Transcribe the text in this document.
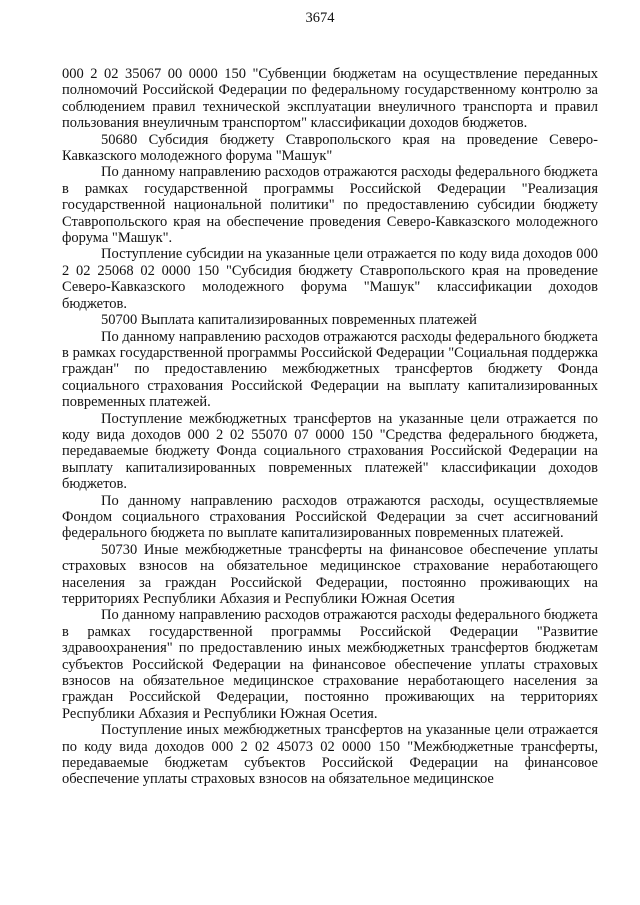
3674

000 2 02 35067 00 0000 150 "Субвенции бюджетам на осуществление переданных полномочий Российской Федерации по федеральному государственному контролю за соблюдением правил технической эксплуатации внеуличного транспорта и правил пользования внеуличным транспортом" классификации доходов бюджетов.

50680 Субсидия бюджету Ставропольского края на проведение Северо-Кавказского молодежного форума "Машук"

По данному направлению расходов отражаются расходы федерального бюджета в рамках государственной программы Российской Федерации "Реализация государственной национальной политики" по предоставлению субсидии бюджету Ставропольского края на обеспечение проведения Северо-Кавказского молодежного форума "Машук".

Поступление субсидии на указанные цели отражается по коду вида доходов 000 2 02 25068 02 0000 150 "Субсидия бюджету Ставропольского края на проведение Северо-Кавказского молодежного форума "Машук" классификации доходов бюджетов.

50700 Выплата капитализированных повременных платежей

По данному направлению расходов отражаются расходы федерального бюджета в рамках государственной программы Российской Федерации "Социальная поддержка граждан" по предоставлению межбюджетных трансфертов бюджету Фонда социального страхования Российской Федерации на выплату капитализированных повременных платежей.

Поступление межбюджетных трансфертов на указанные цели отражается по коду вида доходов 000 2 02 55070 07 0000 150 "Средства федерального бюджета, передаваемые бюджету Фонда социального страхования Российской Федерации на выплату капитализированных повременных платежей" классификации доходов бюджетов.

По данному направлению расходов отражаются расходы, осуществляемые Фондом социального страхования Российской Федерации за счет ассигнований федерального бюджета по выплате капитализированных повременных платежей.

50730 Иные межбюджетные трансферты на финансовое обеспечение уплаты страховых взносов на обязательное медицинское страхование неработающего населения за граждан Российской Федерации, постоянно проживающих на территориях Республики Абхазия и Республики Южная Осетия

По данному направлению расходов отражаются расходы федерального бюджета в рамках государственной программы Российской Федерации "Развитие здравоохранения" по предоставлению иных межбюджетных трансфертов бюджетам субъектов Российской Федерации на финансовое обеспечение уплаты страховых взносов на обязательное медицинское страхование неработающего населения за граждан Российской Федерации, постоянно проживающих на территориях Республики Абхазия и Республики Южная Осетия.

Поступление иных межбюджетных трансфертов на указанные цели отражается по коду вида доходов 000 2 02 45073 02 0000 150 "Межбюджетные трансферты, передаваемые бюджетам субъектов Российской Федерации на финансовое обеспечение уплаты страховых взносов на обязательное медицинское
